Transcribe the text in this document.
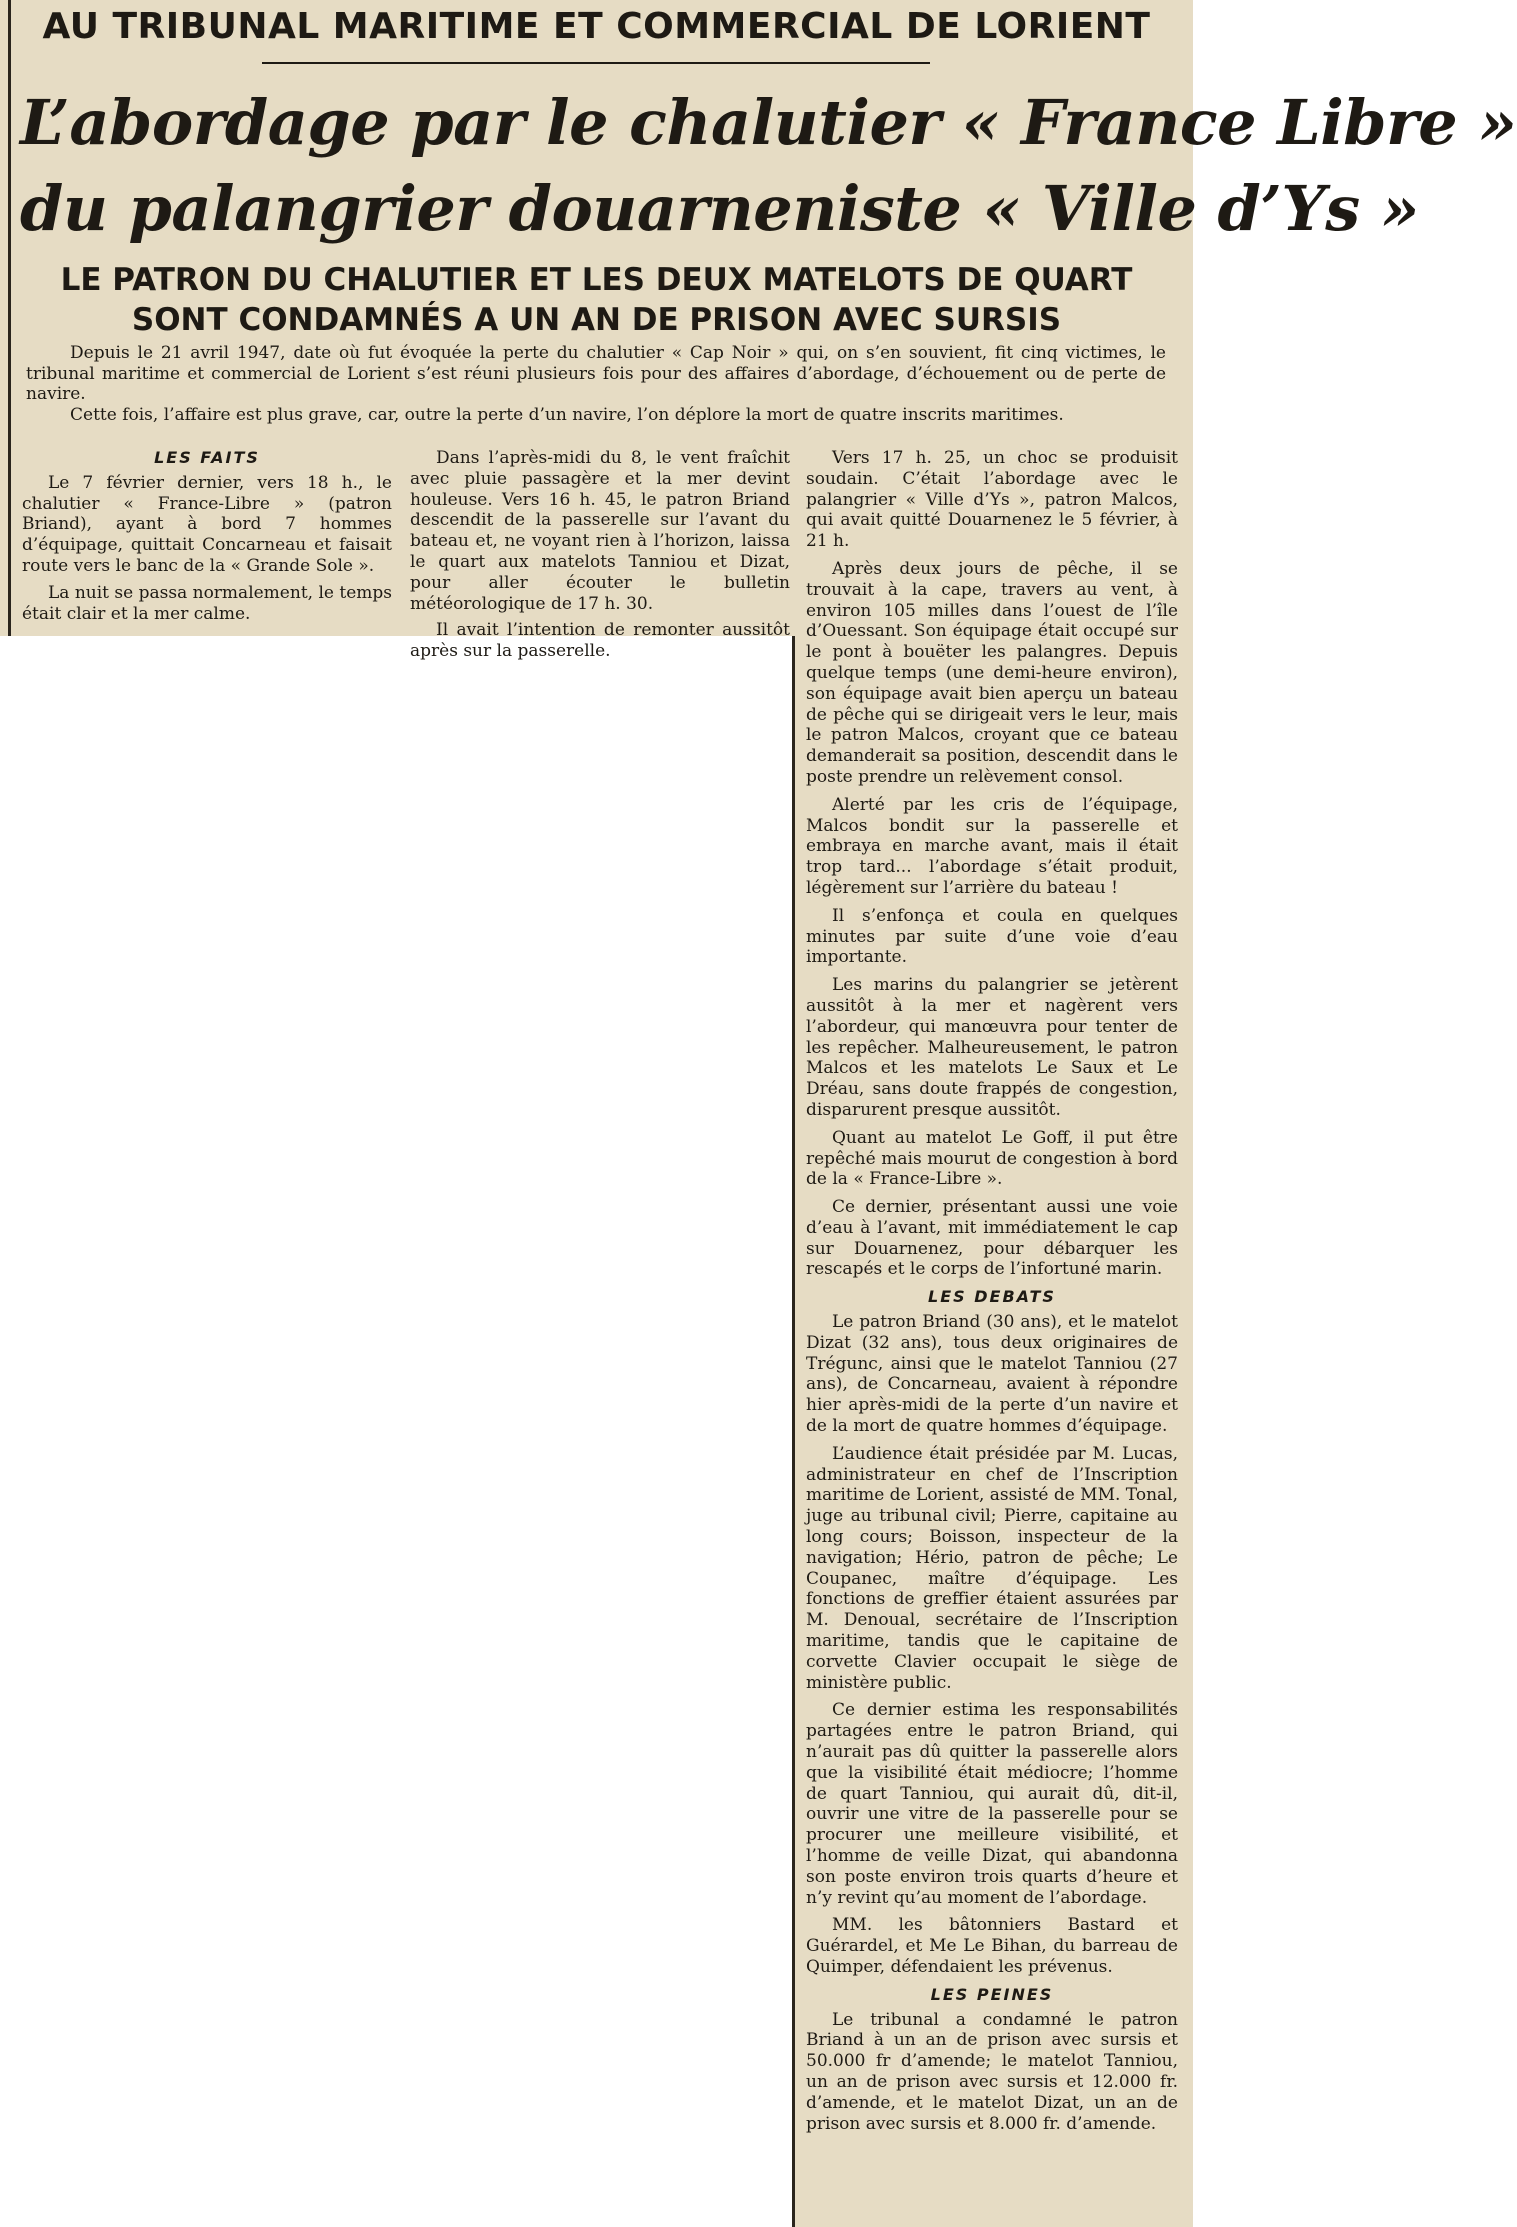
AU TRIBUNAL MARITIME ET COMMERCIAL DE LORIENT
L’abordage par le chalutier « France Libre »
du palangrier douarneniste « Ville d’Ys »
LE PATRON DU CHALUTIER ET LES DEUX MATELOTS DE QUART
SONT CONDAMNÉS A UN AN DE PRISON AVEC SURSIS

Depuis le 21 avril 1947, date où fut évoquée la perte du chalutier « Cap Noir » qui, on s’en souvient, fit cinq victimes, le tribunal maritime et commercial de Lorient s’est réuni plusieurs fois pour des affaires d’abordage, d’échouement ou de perte de navire.

Cette fois, l’affaire est plus grave, car, outre la perte d’un navire, l’on déplore la mort de quatre inscrits maritimes.

LES FAITS

Le 7 février dernier, vers 18 h., le chalutier « France-Libre » (patron Briand), ayant à bord 7 hommes d’équipage, quittait Concarneau et faisait route vers le banc de la « Grande Sole ».

La nuit se passa normalement, le temps était clair et la mer calme.

Dans l’après-midi du 8, le vent fraîchit avec pluie passagère et la mer devint houleuse. Vers 16 h. 45, le patron Briand descendit de la passerelle sur l’avant du bateau et, ne voyant rien à l’horizon, laissa le quart aux matelots Tanniou et Dizat, pour aller écouter le bulletin météorologique de 17 h. 30.

Il avait l’intention de remonter aussitôt après sur la passerelle.

Vers 17 h. 25, un choc se produisit soudain. C’était l’abordage avec le palangrier « Ville d’Ys », patron Malcos, qui avait quitté Douarnenez le 5 février, à 21 h.

Après deux jours de pêche, il se trouvait à la cape, travers au vent, à environ 105 milles dans l’ouest de l’île d’Ouessant. Son équipage était occupé sur le pont à bouëter les palangres. Depuis quelque temps (une demi-heure environ), son équipage avait bien aperçu un bateau de pêche qui se dirigeait vers le leur, mais le patron Malcos, croyant que ce bateau demanderait sa position, descendit dans le poste prendre un relèvement consol.

Alerté par les cris de l’équipage, Malcos bondit sur la passerelle et embraya en marche avant, mais il était trop tard... l’abordage s’était produit, légèrement sur l’arrière du bateau !

Il s’enfonça et coula en quelques minutes par suite d’une voie d’eau importante.

Les marins du palangrier se jetèrent aussitôt à la mer et nagèrent vers l’abordeur, qui manœuvra pour tenter de les repêcher. Malheureusement, le patron Malcos et les matelots Le Saux et Le Dréau, sans doute frappés de congestion, disparurent presque aussitôt.

Quant au matelot Le Goff, il put être repêché mais mourut de congestion à bord de la « France-Libre ».

Ce dernier, présentant aussi une voie d’eau à l’avant, mit immédiatement le cap sur Douarnenez, pour débarquer les rescapés et le corps de l’infortuné marin.

LES DEBATS

Le patron Briand (30 ans), et le matelot Dizat (32 ans), tous deux originaires de Trégunc, ainsi que le matelot Tanniou (27 ans), de Concarneau, avaient à répondre hier après-midi de la perte d’un navire et de la mort de quatre hommes d’équipage.

L’audience était présidée par M. Lucas, administrateur en chef de l’Inscription maritime de Lorient, assisté de MM. Tonal, juge au tribunal civil; Pierre, capitaine au long cours; Boisson, inspecteur de la navigation; Hério, patron de pêche; Le Coupanec, maître d’équipage. Les fonctions de greffier étaient assurées par M. Denoual, secrétaire de l’Inscription maritime, tandis que le capitaine de corvette Clavier occupait le siège de ministère public.

Ce dernier estima les responsabilités partagées entre le patron Briand, qui n’aurait pas dû quitter la passerelle alors que la visibilité était médiocre; l’homme de quart Tanniou, qui aurait dû, dit-il, ouvrir une vitre de la passerelle pour se procurer une meilleure visibilité, et l’homme de veille Dizat, qui abandonna son poste environ trois quarts d’heure et n’y revint qu’au moment de l’abordage.

MM. les bâtonniers Bastard et Guérardel, et Me Le Bihan, du barreau de Quimper, défendaient les prévenus.

LES PEINES

Le tribunal a condamné le patron Briand à un an de prison avec sursis et 50.000 fr d’amende; le matelot Tanniou, un an de prison avec sursis et 12.000 fr. d’amende, et le matelot Dizat, un an de prison avec sursis et 8.000 fr. d’amende.
